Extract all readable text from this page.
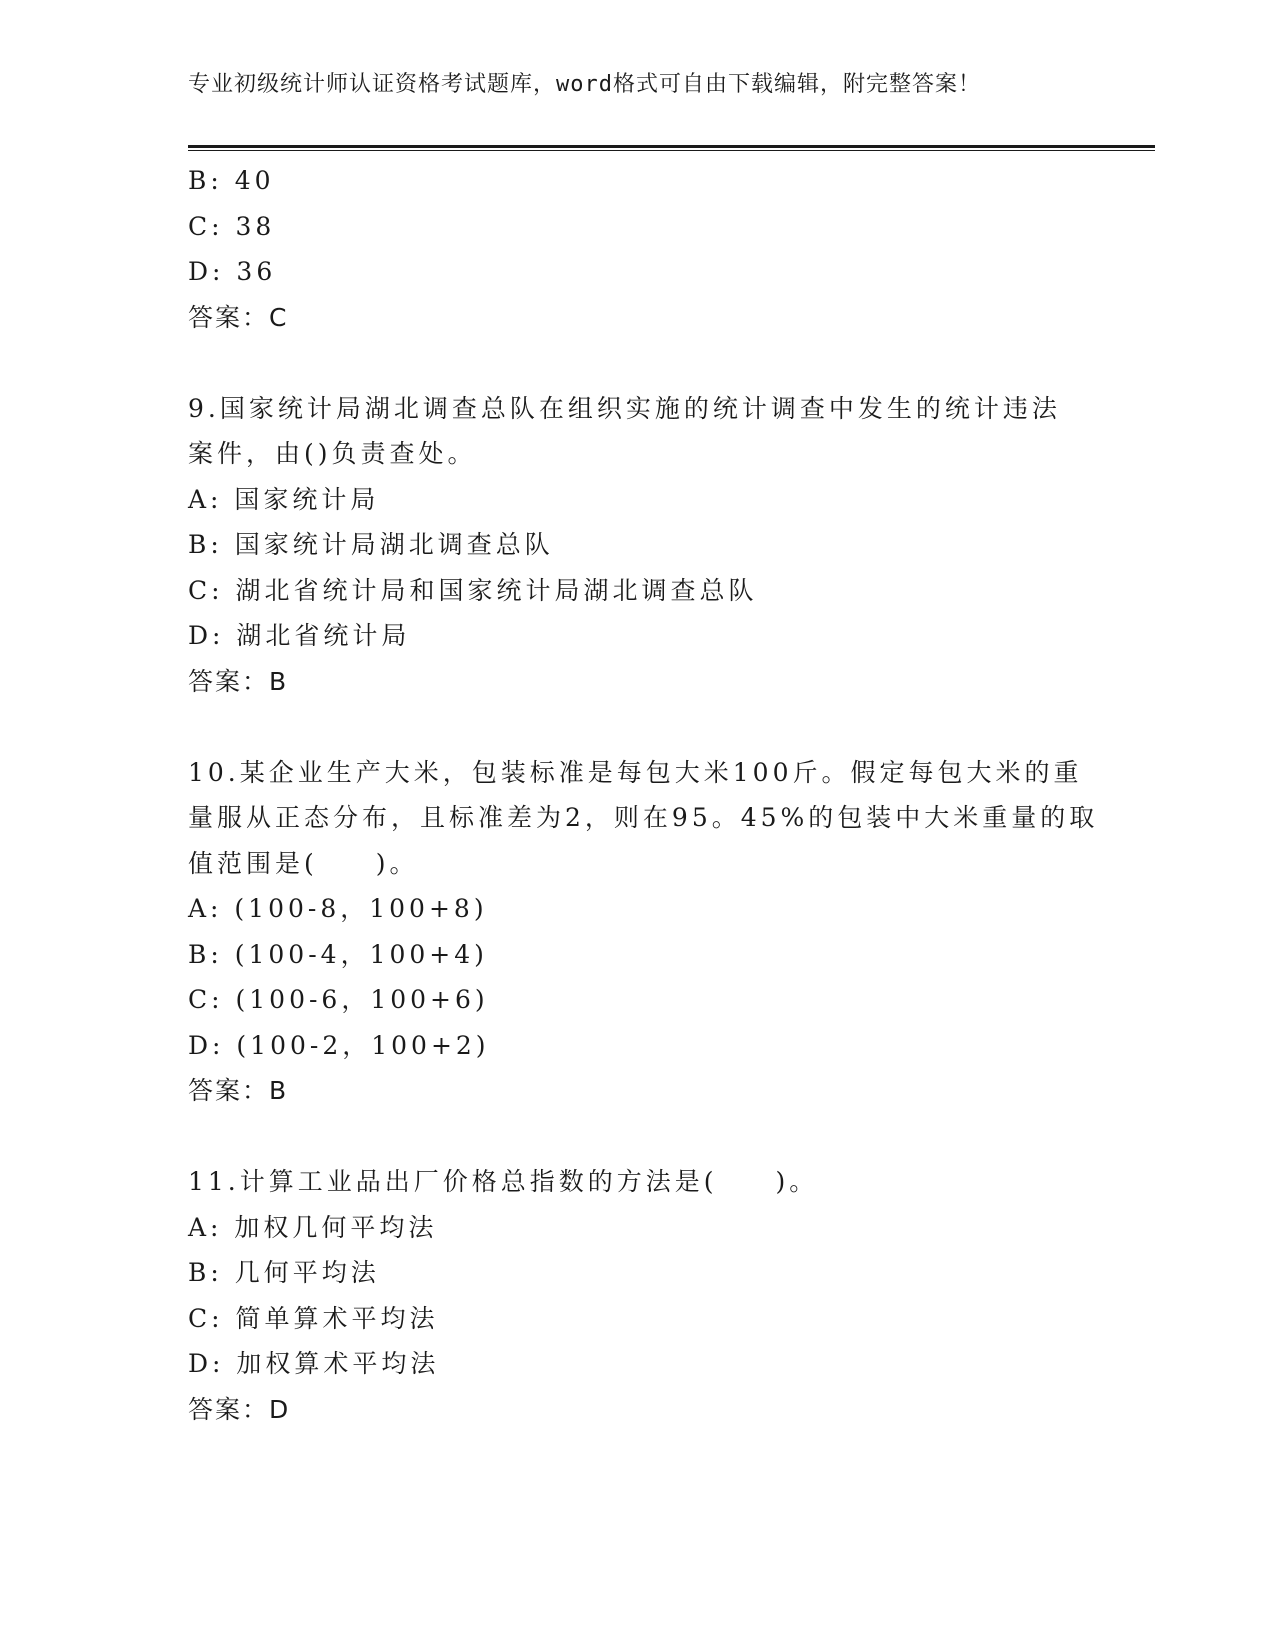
专业初级统计师认证资格考试题库，word格式可自由下载编辑，附完整答案！
B: 40
C: 38
D: 36
答案：C
9.国家统计局湖北调查总队在组织实施的统计调查中发生的统计违法
案件，由()负责查处。
A: 国家统计局
B: 国家统计局湖北调查总队
C: 湖北省统计局和国家统计局湖北调查总队
D: 湖北省统计局
答案：B
10.某企业生产大米，包装标准是每包大米100斤。假定每包大米的重
量服从正态分布，且标准差为2，则在95。45%的包装中大米重量的取
值范围是(　　)。
A: (100-8，100+8)
B: (100-4，100+4)
C: (100-6，100+6)
D: (100-2，100+2)
答案：B
11.计算工业品出厂价格总指数的方法是(　　)。
A: 加权几何平均法
B: 几何平均法
C: 简单算术平均法
D: 加权算术平均法
答案：D
